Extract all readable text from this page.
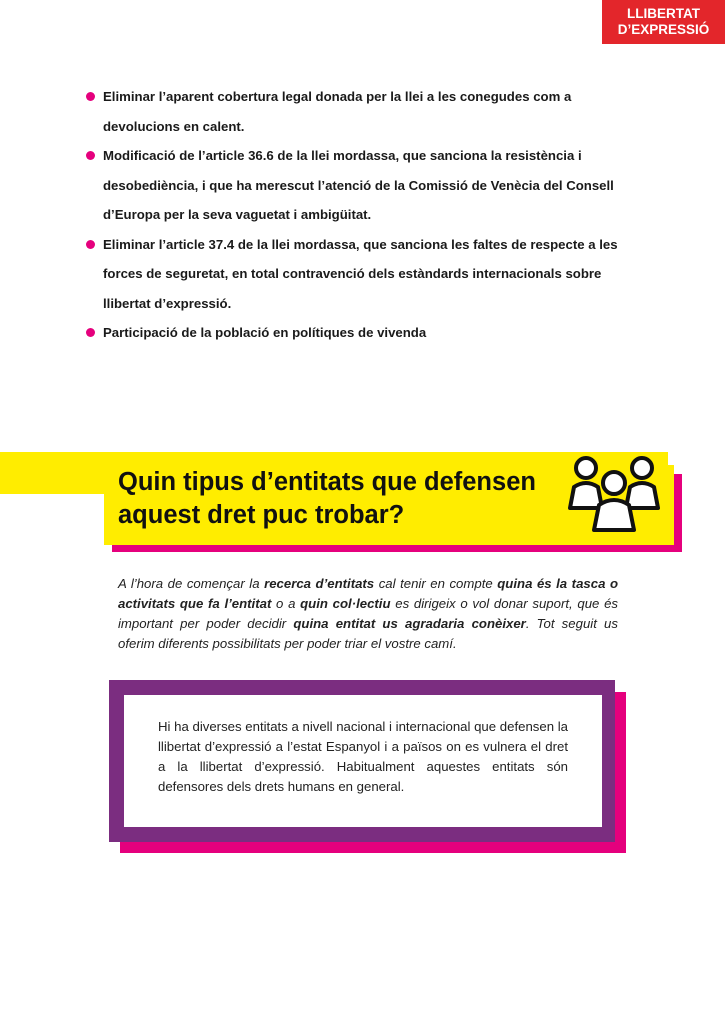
LLIBERTAT
D’EXPRESSIÓ
Eliminar l’aparent cobertura legal donada per la llei a les conegudes com a devolucions en calent.
Modificació de l’article 36.6 de la llei mordassa, que sanciona la resistència i desobediència, i que ha merescut l’atenció de la Comissió de Venècia del Consell d’Europa per la seva vaguetat i ambigüitat.
Eliminar l’article 37.4 de la llei mordassa, que sanciona les faltes de respecte a les forces de seguretat, en total contravenció dels estàndards internacionals sobre llibertat d’expressió.
Participació de la població en polítiques de vivenda
Quin tipus d’entitats que defensen aquest dret puc trobar?

A l’hora de començar la recerca d’entitats cal tenir en compte quina és la tasca o activitats que fa l’entitat o a quin col·lectiu es dirigeix o vol donar suport, que és important per poder decidir quina entitat us agradaria conèixer. Tot seguit us oferim diferents possibilitats per poder triar el vostre camí.

Hi ha diverses entitats a nivell nacional i internacional que defensen la llibertat d’expressió a l’estat Espanyol i a països on es vulnera el dret a la llibertat d’expressió. Habitualment aquestes entitats són defensores dels drets humans en general.
